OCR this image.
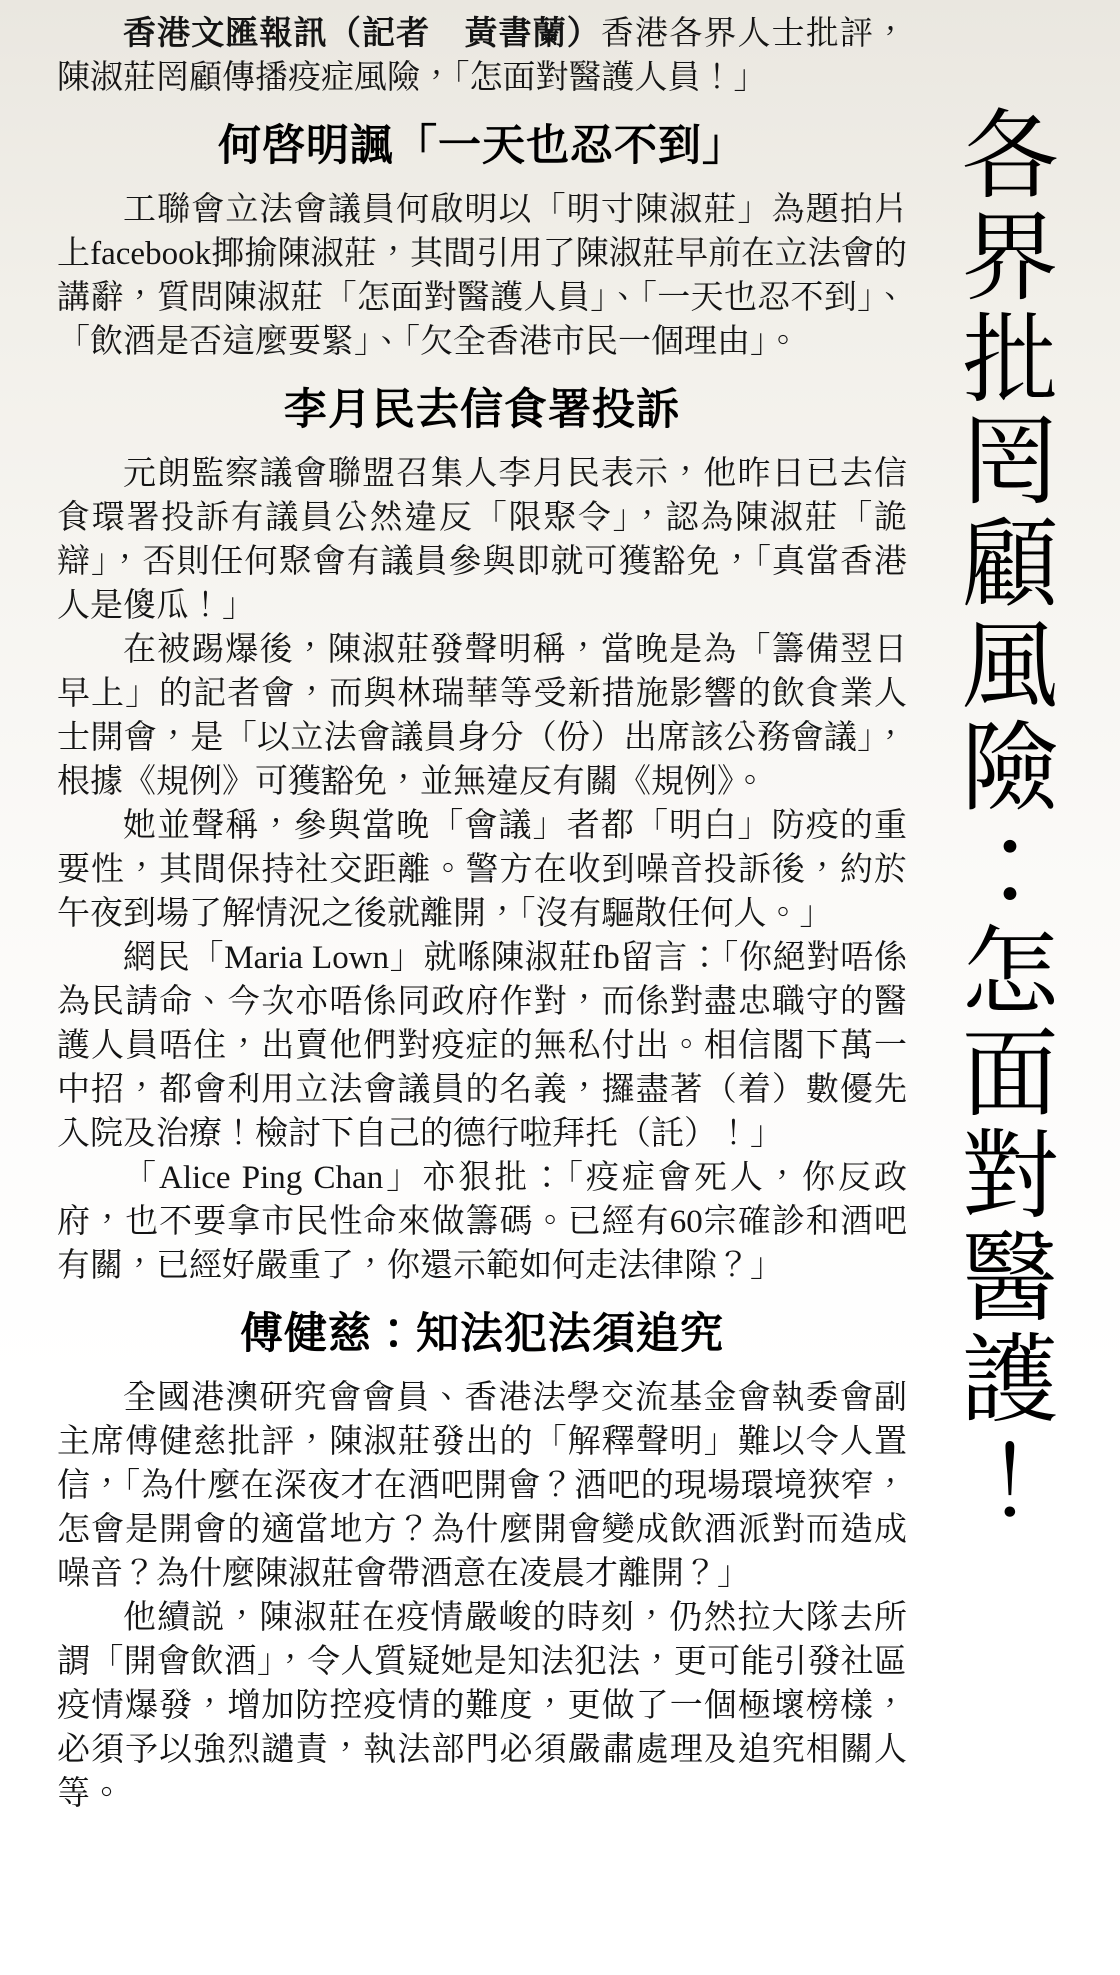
香港文匯報訊（記者　黃書蘭）香港各界人士批評，陳淑莊罔顧傳播疫症風險，「怎面對醫護人員！」

何啓明諷「一天也忍不到」

工聯會立法會議員何啟明以「明寸陳淑莊」為題拍片上facebook揶揄陳淑莊，其間引用了陳淑莊早前在立法會的講辭，質問陳淑莊「怎面對醫護人員」、「一天也忍不到」、「飲酒是否這麼要緊」、「欠全香港市民一個理由」。

李月民去信食署投訴

元朗監察議會聯盟召集人李月民表示，他昨日已去信食環署投訴有議員公然違反「限聚令」，認為陳淑莊「詭辯」，否則任何聚會有議員參與即就可獲豁免，「真當香港人是傻瓜！」

在被踢爆後，陳淑莊發聲明稱，當晚是為「籌備翌日早上」的記者會，而與林瑞華等受新措施影響的飲食業人士開會，是「以立法會議員身分（份）出席該公務會議」，根據《規例》可獲豁免，並無違反有關《規例》。

她並聲稱，參與當晚「會議」者都「明白」防疫的重要性，其間保持社交距離。警方在收到噪音投訴後，約於午夜到場了解情況之後就離開，「沒有驅散任何人。」

網民「Maria Lown」就喺陳淑莊fb留言：「你絕對唔係為民請命、今次亦唔係同政府作對，而係對盡忠職守的醫護人員唔住，出賣他們對疫症的無私付出。相信閣下萬一中招，都會利用立法會議員的名義，攞盡著（着）數優先入院及治療！檢討下自己的德行啦拜托（託）！」

「Alice Ping Chan」亦狠批：「疫症會死人，你反政府，也不要拿市民性命來做籌碼。已經有60宗確診和酒吧有關，已經好嚴重了，你還示範如何走法律隙？」

傅健慈：知法犯法須追究

全國港澳研究會會員、香港法學交流基金會執委會副主席傅健慈批評，陳淑莊發出的「解釋聲明」難以令人置信，「為什麼在深夜才在酒吧開會？酒吧的現場環境狹窄，怎會是開會的適當地方？為什麼開會變成飲酒派對而造成噪音？為什麼陳淑莊會帶酒意在凌晨才離開？」

他續説，陳淑莊在疫情嚴峻的時刻，仍然拉大隊去所謂「開會飲酒」，令人質疑她是知法犯法，更可能引發社區疫情爆發，增加防控疫情的難度，更做了一個極壞榜樣，必須予以強烈譴責，執法部門必須嚴肅處理及追究相關人等。

各界批罔顧風險：怎面對醫護！
